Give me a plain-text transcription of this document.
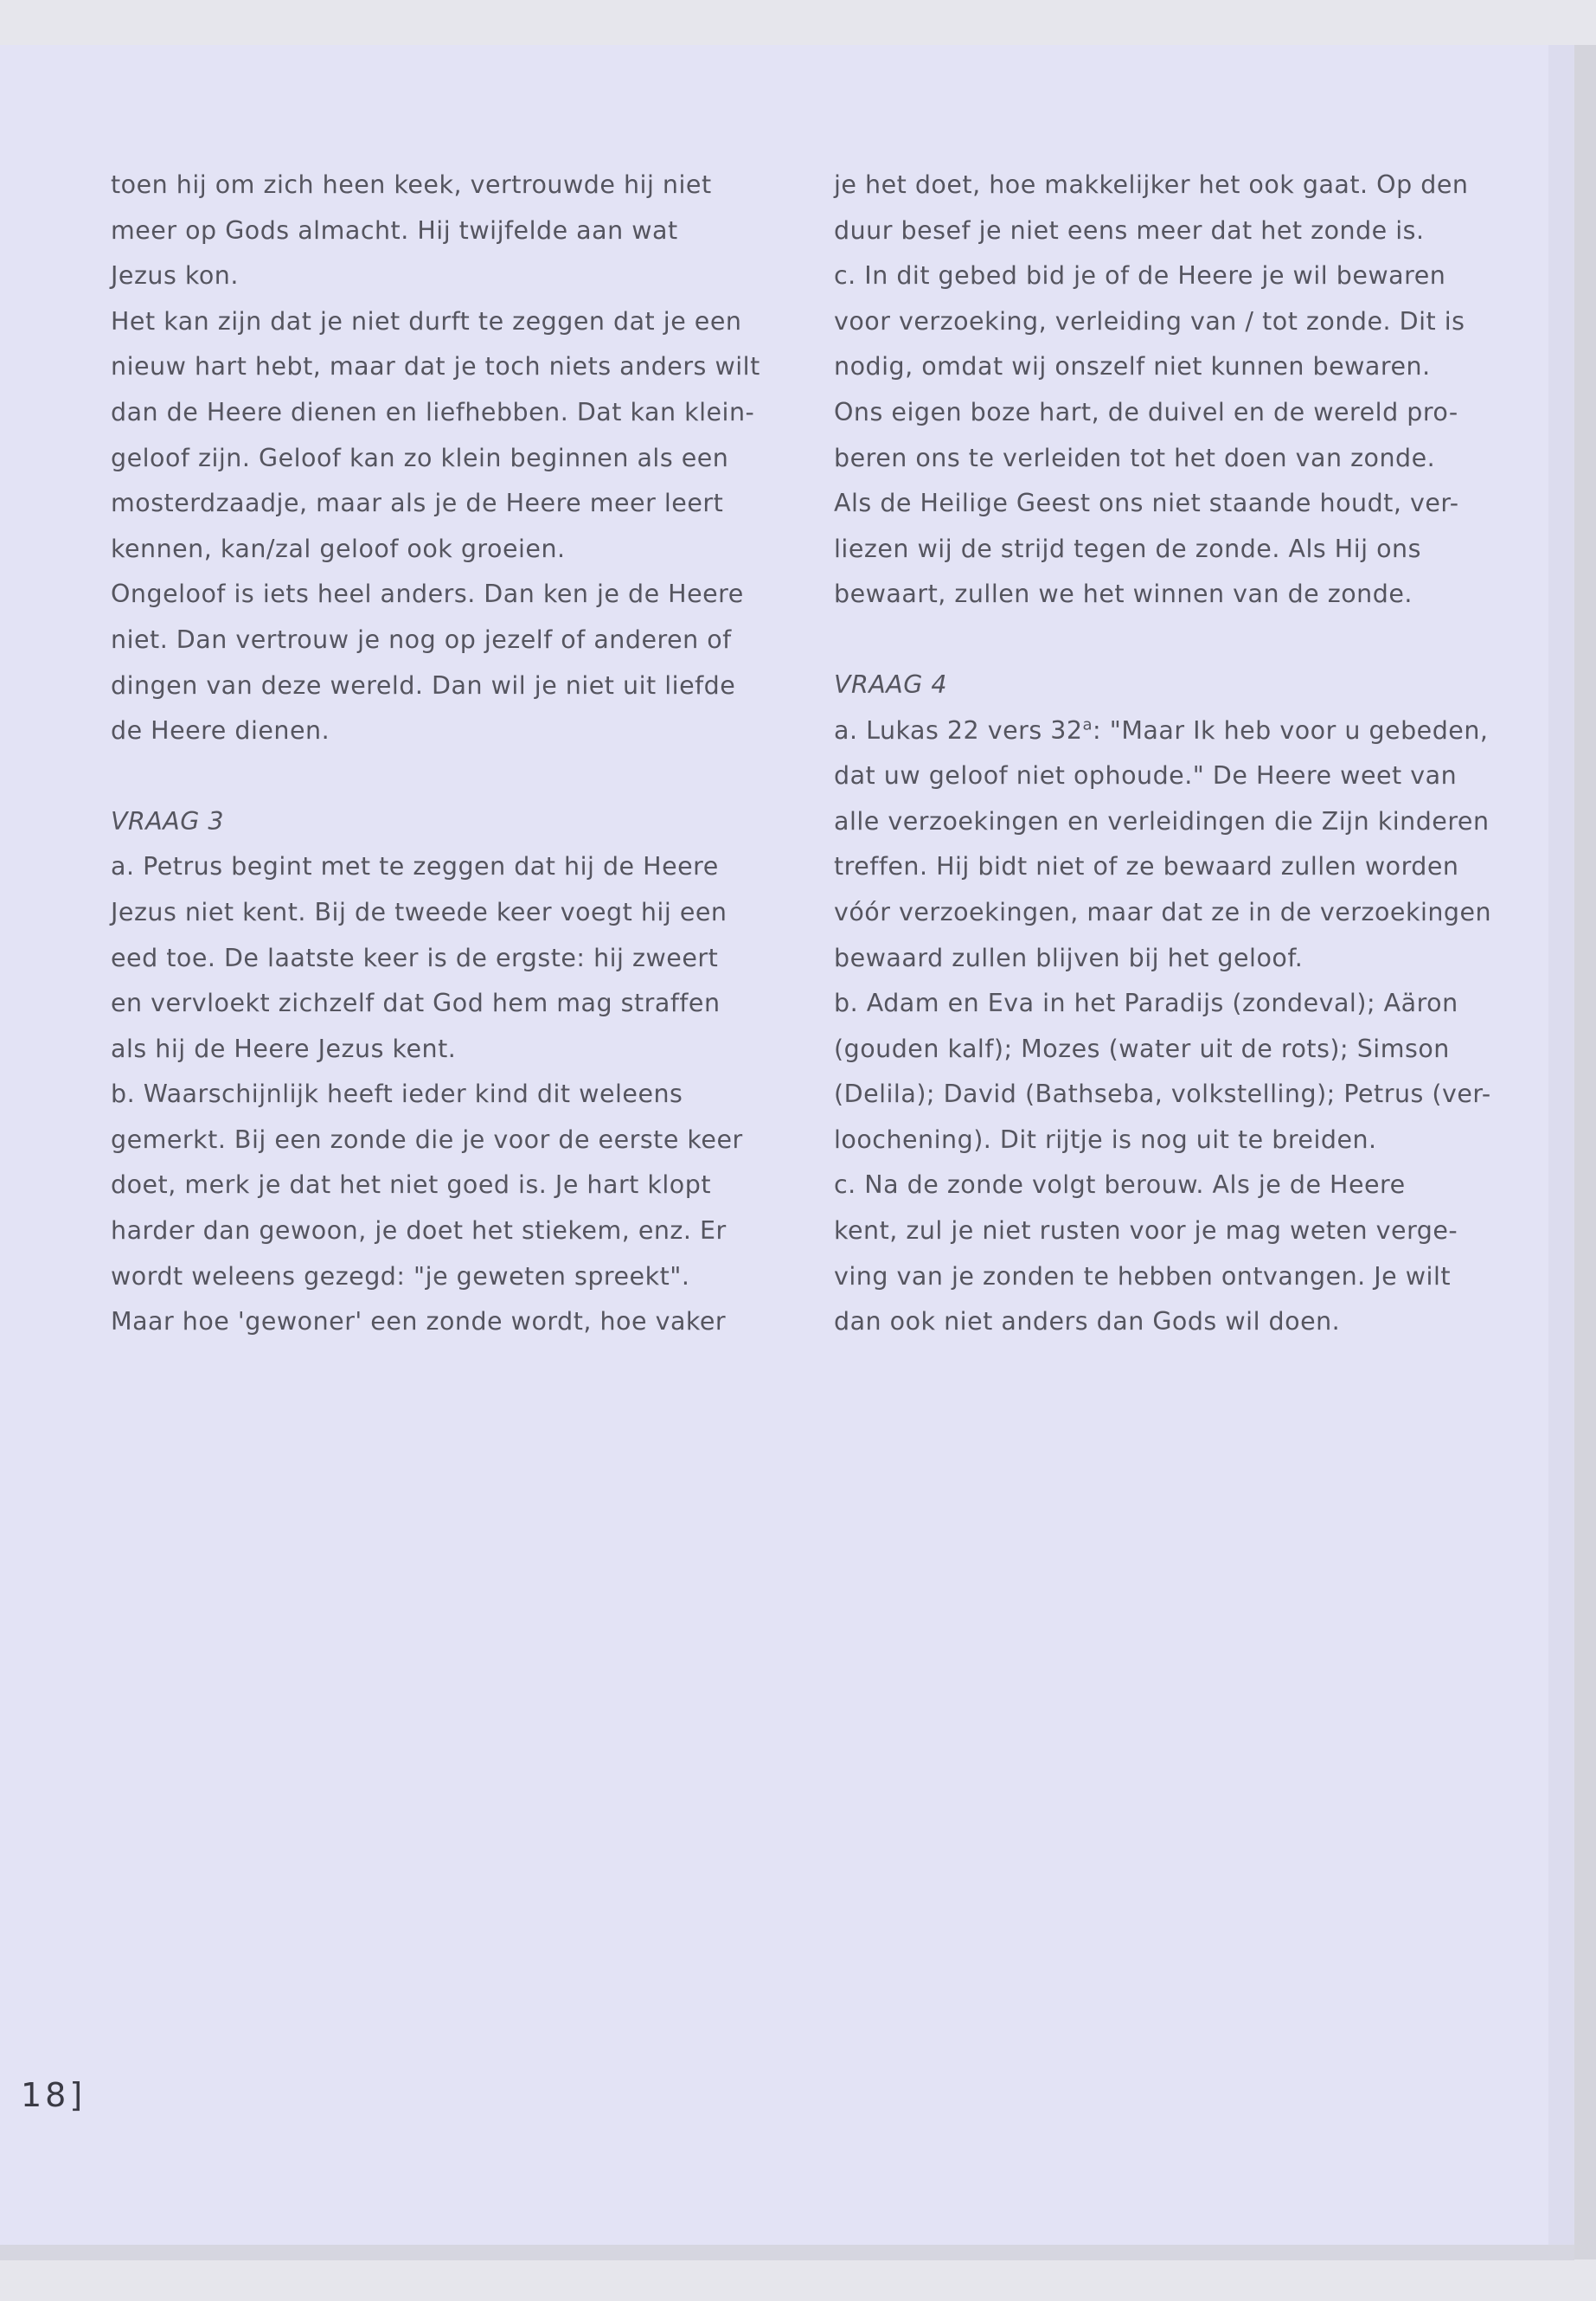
toen hij om zich heen keek, vertrouwde hij niet
meer op Gods almacht. Hij twijfelde aan wat
Jezus kon.
Het kan zijn dat je niet durft te zeggen dat je een
nieuw hart hebt, maar dat je toch niets anders wilt
dan de Heere dienen en liefhebben. Dat kan klein-
geloof zijn. Geloof kan zo klein beginnen als een
mosterdzaadje, maar als je de Heere meer leert
kennen, kan/zal geloof ook groeien.
Ongeloof is iets heel anders. Dan ken je de Heere
niet. Dan vertrouw je nog op jezelf of anderen of
dingen van deze wereld. Dan wil je niet uit liefde
de Heere dienen.
VRAAG 3
a. Petrus begint met te zeggen dat hij de Heere
Jezus niet kent. Bij de tweede keer voegt hij een
eed toe. De laatste keer is de ergste: hij zweert
en vervloekt zichzelf dat God hem mag straffen
als hij de Heere Jezus kent.
b. Waarschijnlijk heeft ieder kind dit weleens
gemerkt. Bij een zonde die je voor de eerste keer
doet, merk je dat het niet goed is. Je hart klopt
harder dan gewoon, je doet het stiekem, enz. Er
wordt weleens gezegd: "je geweten spreekt".
Maar hoe 'gewoner' een zonde wordt, hoe vaker
je het doet, hoe makkelijker het ook gaat. Op den
duur besef je niet eens meer dat het zonde is.
c. In dit gebed bid je of de Heere je wil bewaren
voor verzoeking, verleiding van / tot zonde. Dit is
nodig, omdat wij onszelf niet kunnen bewaren.
Ons eigen boze hart, de duivel en de wereld pro-
beren ons te verleiden tot het doen van zonde.
Als de Heilige Geest ons niet staande houdt, ver-
liezen wij de strijd tegen de zonde. Als Hij ons
bewaart, zullen we het winnen van de zonde.
VRAAG 4
a. Lukas 22 vers 32$^a$: "Maar Ik heb voor u gebeden,
dat uw geloof niet ophoude." De Heere weet van
alle verzoekingen en verleidingen die Zijn kinderen
treffen. Hij bidt niet of ze bewaard zullen worden
vóór verzoekingen, maar dat ze in de verzoekingen
bewaard zullen blijven bij het geloof.
b. Adam en Eva in het Paradijs (zondeval); Aäron
(gouden kalf); Mozes (water uit de rots); Simson
(Delila); David (Bathseba, volkstelling); Petrus (ver-
loochening). Dit rijtje is nog uit te breiden.
c. Na de zonde volgt berouw. Als je de Heere
kent, zul je niet rusten voor je mag weten verge-
ving van je zonden te hebben ontvangen. Je wilt
dan ook niet anders dan Gods wil doen.
18]
